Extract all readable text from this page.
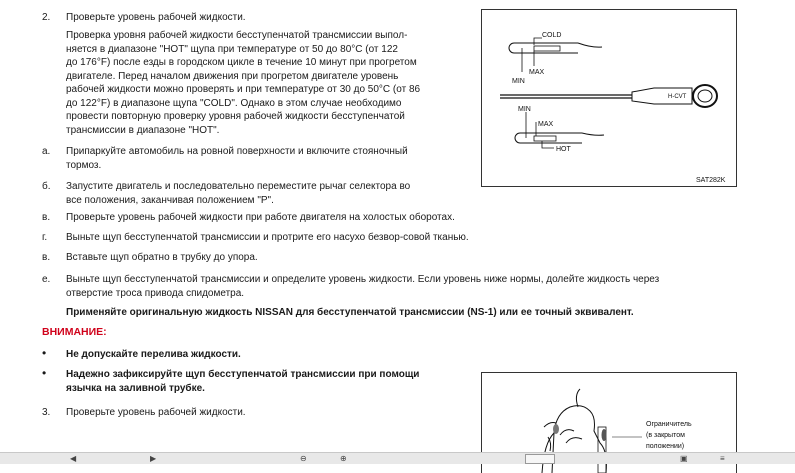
2. Проверьте уровень рабочей жидкости.
Проверка уровня рабочей жидкости бесступенчатой трансмиссии выпол-
няется в диапазоне "HOT" щупа при температуре от 50 до 80°С (от 122
до 176°F) после езды в городском цикле в течение 10 минут при прогретом
двигателе. Перед началом движения при прогретом двигателе уровень
рабочей жидкости можно проверять и при температуре от 30 до 50°С (от 86
до 122°F) в диапазоне щупа "COLD". Однако в этом случае необходимо
провести повторную проверку уровня рабочей жидкости бесступенчатой
трансмиссии в диапазоне "HOT".
а. Припаркуйте автомобиль на ровной поверхности и включите стояночный
тормоз.
б. Запустите двигатель и последовательно переместите рычаг селектора во
все положения, заканчивая положением "Р".
в. Проверьте уровень рабочей жидкости при работе двигателя на холостых оборотах.
г. Выньте щуп бесступенчатой трансмиссии и протрите его насухо безвор-совой тканью.
в. Вставьте щуп обратно в трубку до упора.
е. Выньте щуп бесступенчатой трансмиссии и определите уровень жидкости. Если уровень ниже нормы, долейте жидкость через
отверстие троса привода спидометра.
Применяйте оригинальную жидкость NISSAN для бесступенчатой трансмиссии (NS-1) или ее точный эквивалент.
ВНИМАНИЕ:
• Не допускайте перелива жидкости.
• Надежно зафиксируйте щуп бесступенчатой трансмиссии при помощи
язычка на заливной трубке.
3. Проверьте уровень рабочей жидкости.
COLD
MAX
MIN
H-CVT
MIN
MAX
HOT
SAT282K
Ограничитель
(в закрытом
положении)
◀	▶	⊖	⊕	▣	≡
